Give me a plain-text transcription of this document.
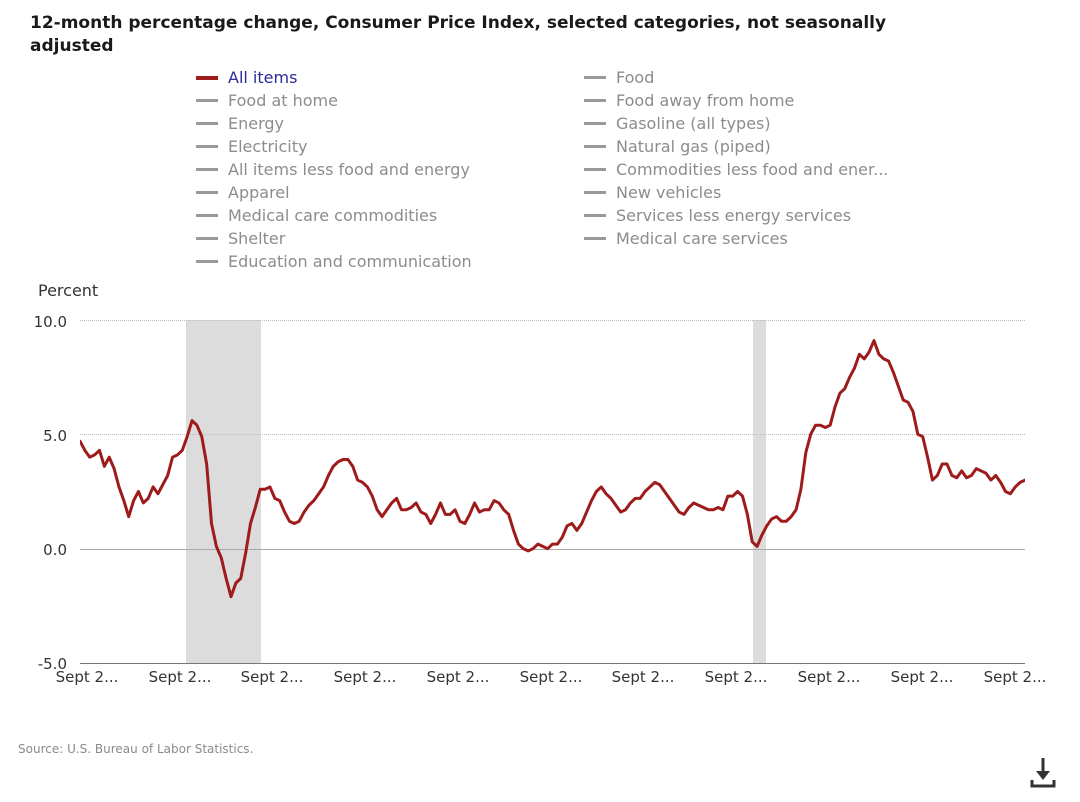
12-month percentage change, Consumer Price Index, selected categories, not seasonally adjusted
All items
Food at home
Energy
Electricity
All items less food and energy
Apparel
Medical care commodities
Shelter
Education and communication
Food
Food away from home
Gasoline (all types)
Natural gas (piped)
Commodities less food and ener...
New vehicles
Services less energy services
Medical care services
Percent
10.0
5.0
0.0
-5.0
Sept 2... Sept 2... Sept 2... Sept 2... Sept 2... Sept 2... Sept 2... Sept 2... Sept 2... Sept 2... Sept 2...
Source: U.S. Bureau of Labor Statistics.
